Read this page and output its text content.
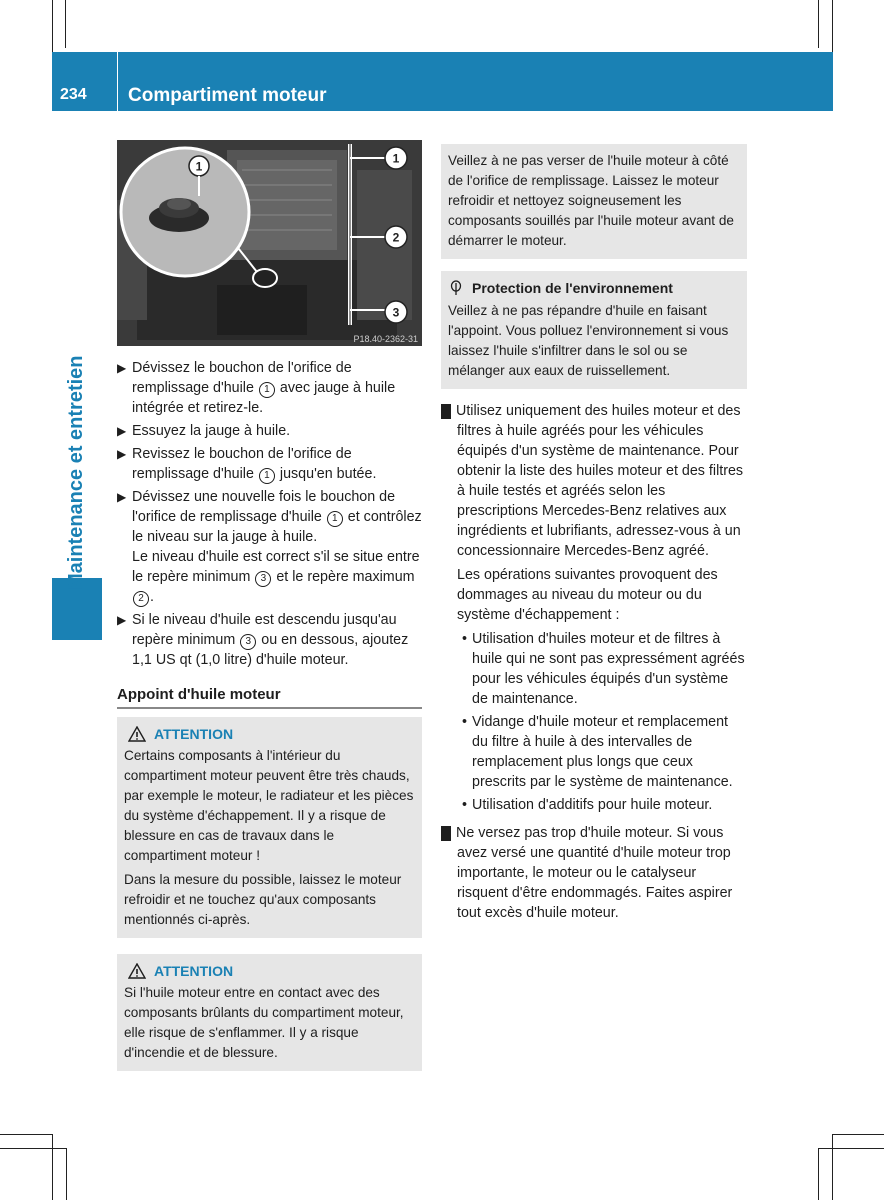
234	Compartiment moteur
Maintenance et entretien
1
1
2
3
P18.40-2362-31
▶ Dévissez le bouchon de l'orifice de remplissage d'huile 1 avec jauge à huile intégrée et retirez-le.
▶ Essuyez la jauge à huile.
▶ Revissez le bouchon de l'orifice de remplissage d'huile 1 jusqu'en butée.
▶ Dévissez une nouvelle fois le bouchon de l'orifice de remplissage d'huile 1 et contrôlez le niveau sur la jauge à huile.
Le niveau d'huile est correct s'il se situe entre le repère minimum 3 et le repère maximum 2 .
▶ Si le niveau d'huile est descendu jusqu'au repère minimum 3 ou en dessous, ajoutez 1,1 US qt (1,0 litre) d'huile moteur.
Appoint d'huile moteur
ATTENTION

Certains composants à l'intérieur du compartiment moteur peuvent être très chauds, par exemple le moteur, le radiateur et les pièces du système d'échappement. Il y a risque de blessure en cas de travaux dans le compartiment moteur !

Dans la mesure du possible, laissez le moteur refroidir et ne touchez qu'aux composants mentionnés ci-après.

ATTENTION

Si l'huile moteur entre en contact avec des composants brûlants du compartiment moteur, elle risque de s'enflammer. Il y a risque d'incendie et de blessure.

Veillez à ne pas verser de l'huile moteur à côté de l'orifice de remplissage. Laissez le moteur refroidir et nettoyez soigneusement les composants souillés par l'huile moteur avant de démarrer le moteur.

Protection de l'environnement

Veillez à ne pas répandre d'huile en faisant l'appoint. Vous polluez l'environnement si vous laissez l'huile s'infiltrer dans le sol ou se mélanger aux eaux de ruissellement.

! Utilisez uniquement des huiles moteur et des filtres à huile agréés pour les véhicules équipés d'un système de maintenance. Pour obtenir la liste des huiles moteur et des filtres à huile testés et agréés selon les prescriptions Mercedes-Benz relatives aux ingrédients et lubrifiants, adressez-vous à un concessionnaire Mercedes-Benz agréé.
Les opérations suivantes provoquent des dommages au niveau du moteur ou du système d'échappement :
• Utilisation d'huiles moteur et de filtres à huile qui ne sont pas expressément agréés pour les véhicules équipés d'un système de maintenance.
• Vidange d'huile moteur et remplacement du filtre à huile à des intervalles de remplacement plus longs que ceux prescrits par le système de maintenance.
• Utilisation d'additifs pour huile moteur.
! Ne versez pas trop d'huile moteur. Si vous avez versé une quantité d'huile moteur trop importante, le moteur ou le catalyseur risquent d'être endommagés. Faites aspirer tout excès d'huile moteur.
